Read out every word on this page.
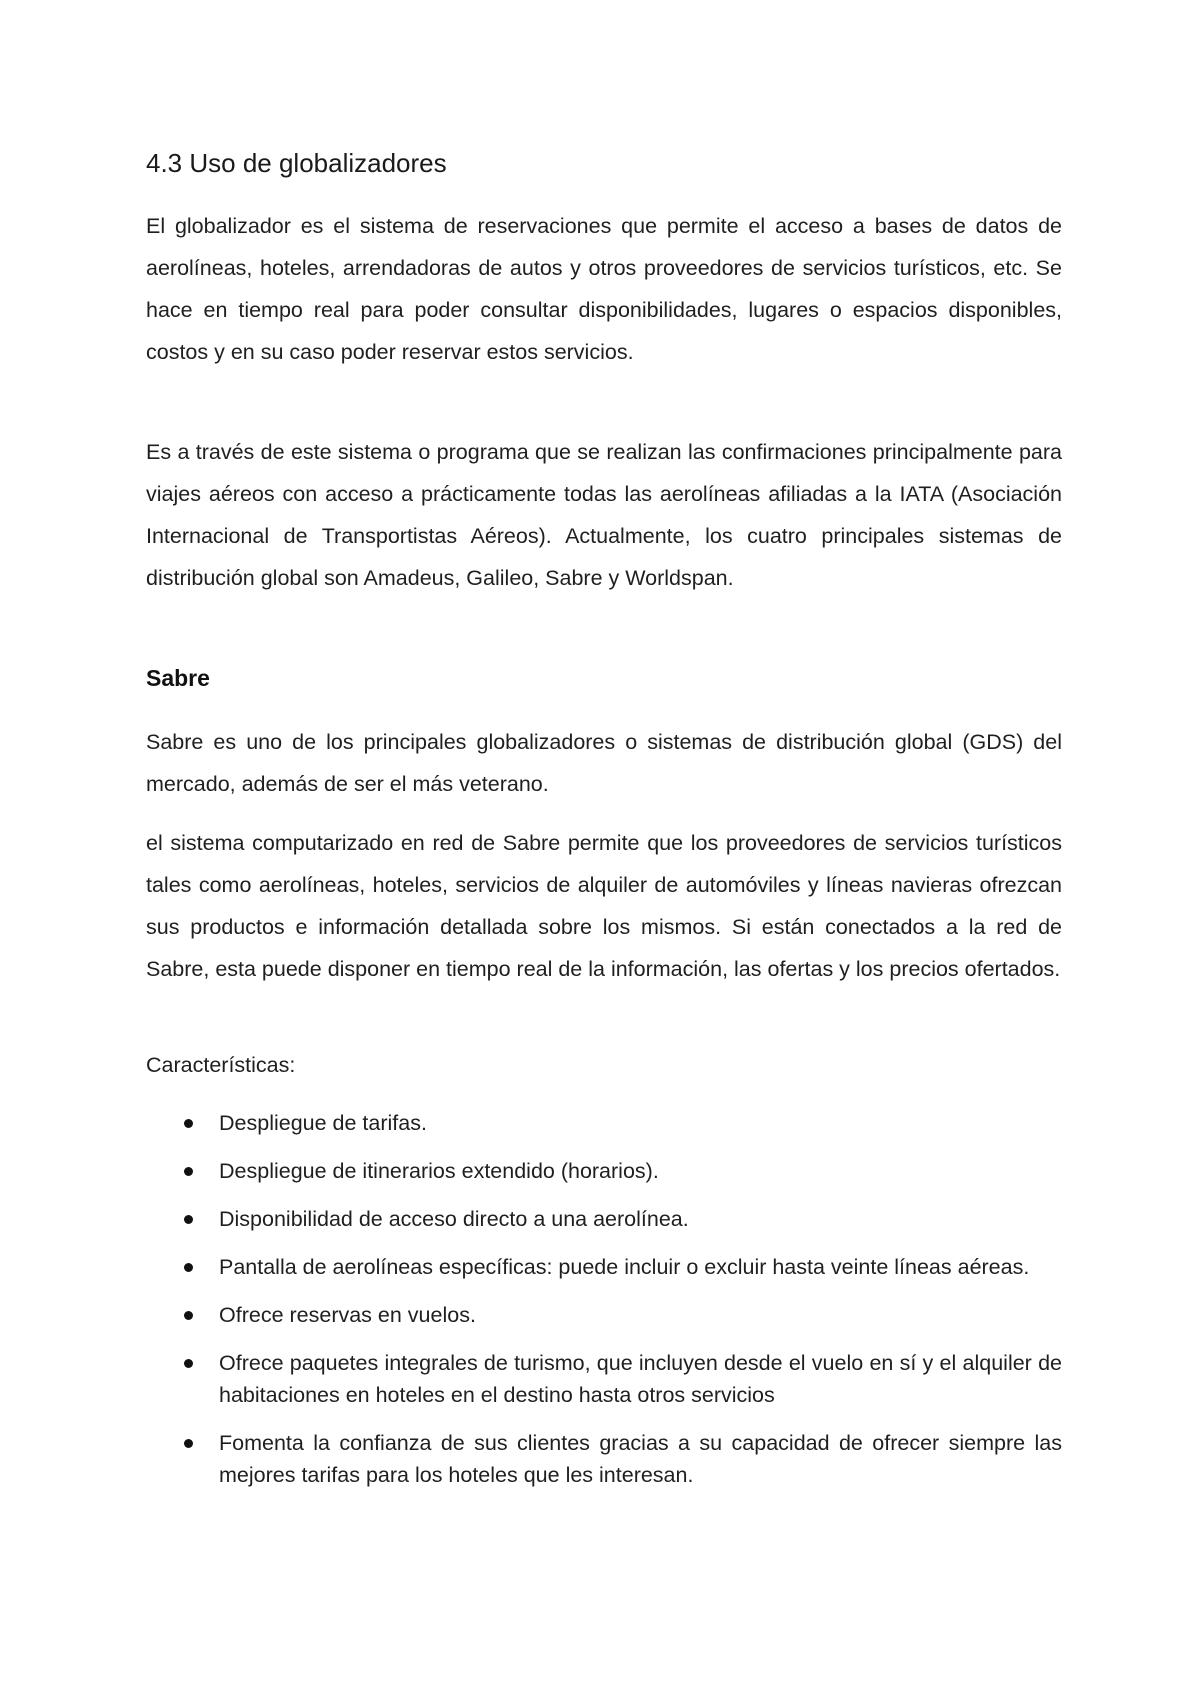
4.3 Uso de globalizadores

El globalizador es el sistema de reservaciones que permite el acceso a bases de datos de aerolíneas, hoteles, arrendadoras de autos y otros proveedores de servicios turísticos, etc. Se hace en tiempo real para poder consultar disponibilidades, lugares o espacios disponibles, costos y en su caso poder reservar estos servicios.

Es a través de este sistema o programa que se realizan las confirmaciones principalmente para viajes aéreos con acceso a prácticamente todas las aerolíneas afiliadas a la IATA (Asociación Internacional de Transportistas Aéreos). Actualmente, los cuatro principales sistemas de distribución global son Amadeus, Galileo, Sabre y Worldspan.

Sabre

Sabre es uno de los principales globalizadores o sistemas de distribución global (GDS) del mercado, además de ser el más veterano.

el sistema computarizado en red de Sabre permite que los proveedores de servicios turísticos tales como aerolíneas, hoteles, servicios de alquiler de automóviles y líneas navieras ofrezcan sus productos e información detallada sobre los mismos. Si están conectados a la red de Sabre, esta puede disponer en tiempo real de la información, las ofertas y los precios ofertados.

Características:

Despliegue de tarifas.
Despliegue de itinerarios extendido (horarios).
Disponibilidad de acceso directo a una aerolínea.
Pantalla de aerolíneas específicas: puede incluir o excluir hasta veinte líneas aéreas.
Ofrece reservas en vuelos.
Ofrece paquetes integrales de turismo, que incluyen desde el vuelo en sí y el alquiler de habitaciones en hoteles en el destino hasta otros servicios
Fomenta la confianza de sus clientes gracias a su capacidad de ofrecer siempre las mejores tarifas para los hoteles que les interesan.
